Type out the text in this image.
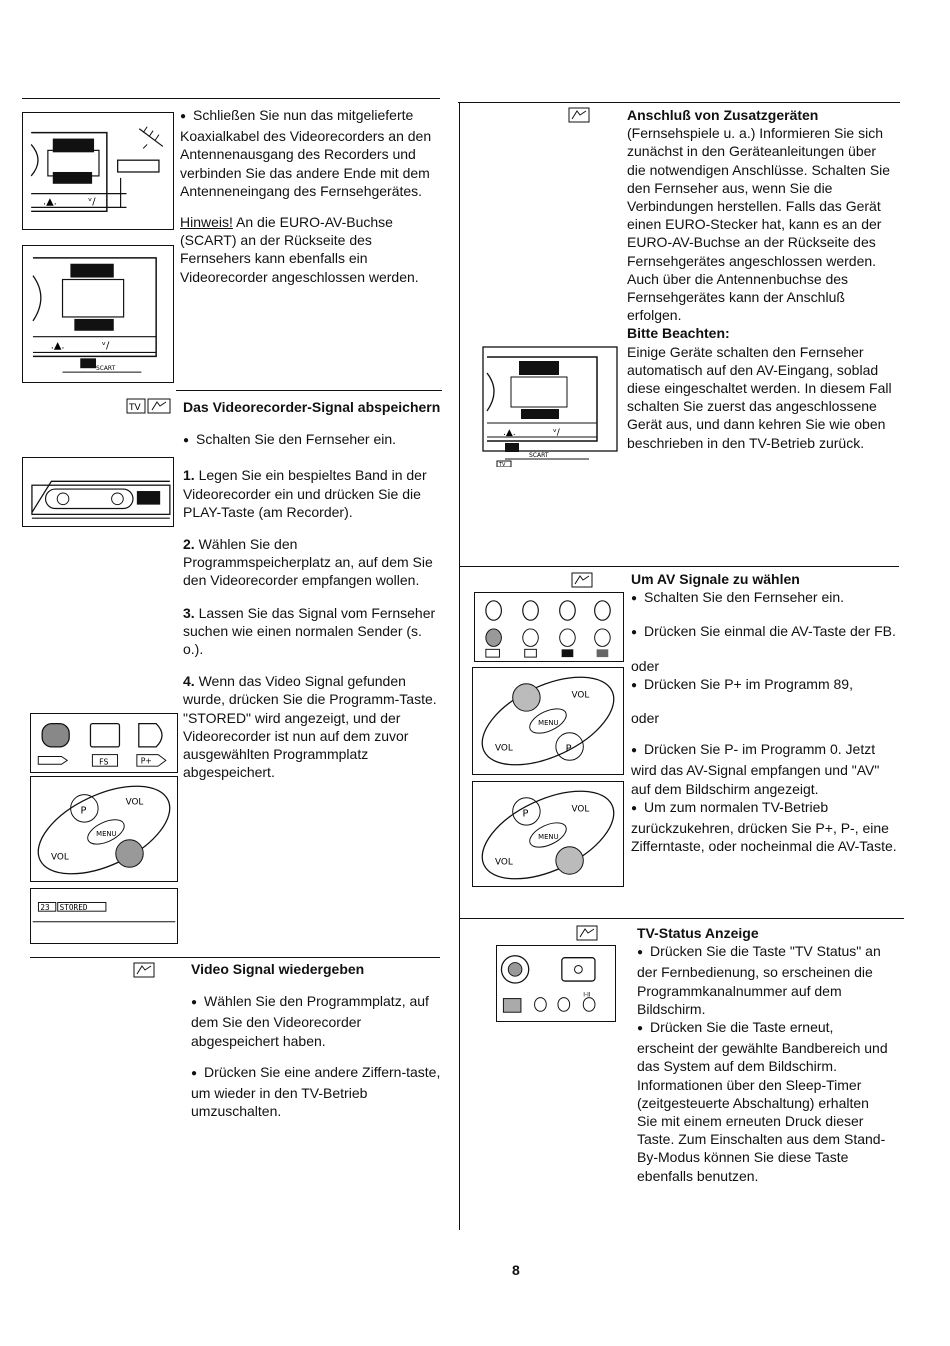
.▲.	ᵛ/
.▲.	ᵛ/
SCART
FS	P+
P
VOL
VOL
MENU
23 STORED
TV

● Schließen Sie nun das mitgelieferte Koaxialkabel des Videorecorders an den Antennenausgang des Recorders und verbinden Sie das andere Ende mit dem Antenneneingang des Fernsehgerätes.

Hinweis! An die EURO-AV-Buchse (SCART) an der Rückseite des Fernsehers kann ebenfalls ein Videorecorder angeschlossen werden.

Das Videorecorder-Signal abspeichern

● Schalten Sie den Fernseher ein.

1. Legen Sie ein bespieltes Band in der Videorecorder ein und drücken Sie die PLAY-Taste (am Recorder).

2. Wählen Sie den Programmspeicherplatz an, auf dem Sie den Videorecorder empfangen wollen.

3. Lassen Sie das Signal vom Fernseher suchen wie einen normalen Sender (s. o.).

4. Wenn das Video Signal gefunden wurde, drücken Sie die Programm-Taste. "STORED" wird angezeigt, und der Videorecorder ist nun auf dem zuvor ausgewählten Programmplatz abgespeichert.

Video Signal wiedergeben

● Wählen Sie den Programmplatz, auf dem Sie den Videorecorder abgespeichert haben.

● Drücken Sie eine andere Ziffern-taste, um wieder in den TV-Betrieb umzuschalten.

.▲.	ᵛ/
SCART
TV
P
VOL
VOL
MENU
P	VOL
VOL
MENU
I-II
Anschluß von Zusatzgeräten
(Fernsehspiele u. a.) Informieren Sie sich zunächst in den Geräteanleitungen über die notwendigen Anschlüsse. Schalten Sie den Fernseher aus, wenn Sie die Verbindungen herstellen. Falls das Gerät einen EURO-Stecker hat, kann es an der EURO-AV-Buchse an der Rückseite des Fernsehgerätes angeschlossen werden. Auch über die Antennenbuchse des Fernsehgerätes kann der Anschluß erfolgen.
Bitte Beachten:
Einige Geräte schalten den Fernseher automatisch auf den AV-Eingang, soblad diese eingeschaltet werden. In diesem Fall schalten Sie zuerst das angeschlossene Gerät aus, und dann kehren Sie wie oben beschrieben in den TV-Betrieb zurück.

Um AV Signale zu wählen

● Schalten Sie den Fernseher ein.

● Drücken Sie einmal die AV-Taste der FB.

oder

● Drücken Sie P+ im Programm 89,

oder

● Drücken Sie P- im Programm 0. Jetzt wird das AV-Signal empfangen und "AV" auf dem Bildschirm angezeigt.

● Um zum normalen TV-Betrieb zurückzukehren, drücken Sie P+, P-, eine Zifferntaste, oder nocheinmal die AV-Taste.

TV-Status Anzeige

● Drücken Sie die Taste "TV Status" an der Fernbedienung, so erscheinen die Programmkanalnummer auf dem Bildschirm.

● Drücken Sie die Taste erneut, erscheint der gewählte Bandbereich und das System auf dem Bildschirm. Informationen über den Sleep-Timer (zeitgesteuerte Abschaltung) erhalten Sie mit einem erneuten Druck dieser Taste. Zum Einschalten aus dem Stand-By-Modus können Sie diese Taste ebenfalls benutzen.

8
